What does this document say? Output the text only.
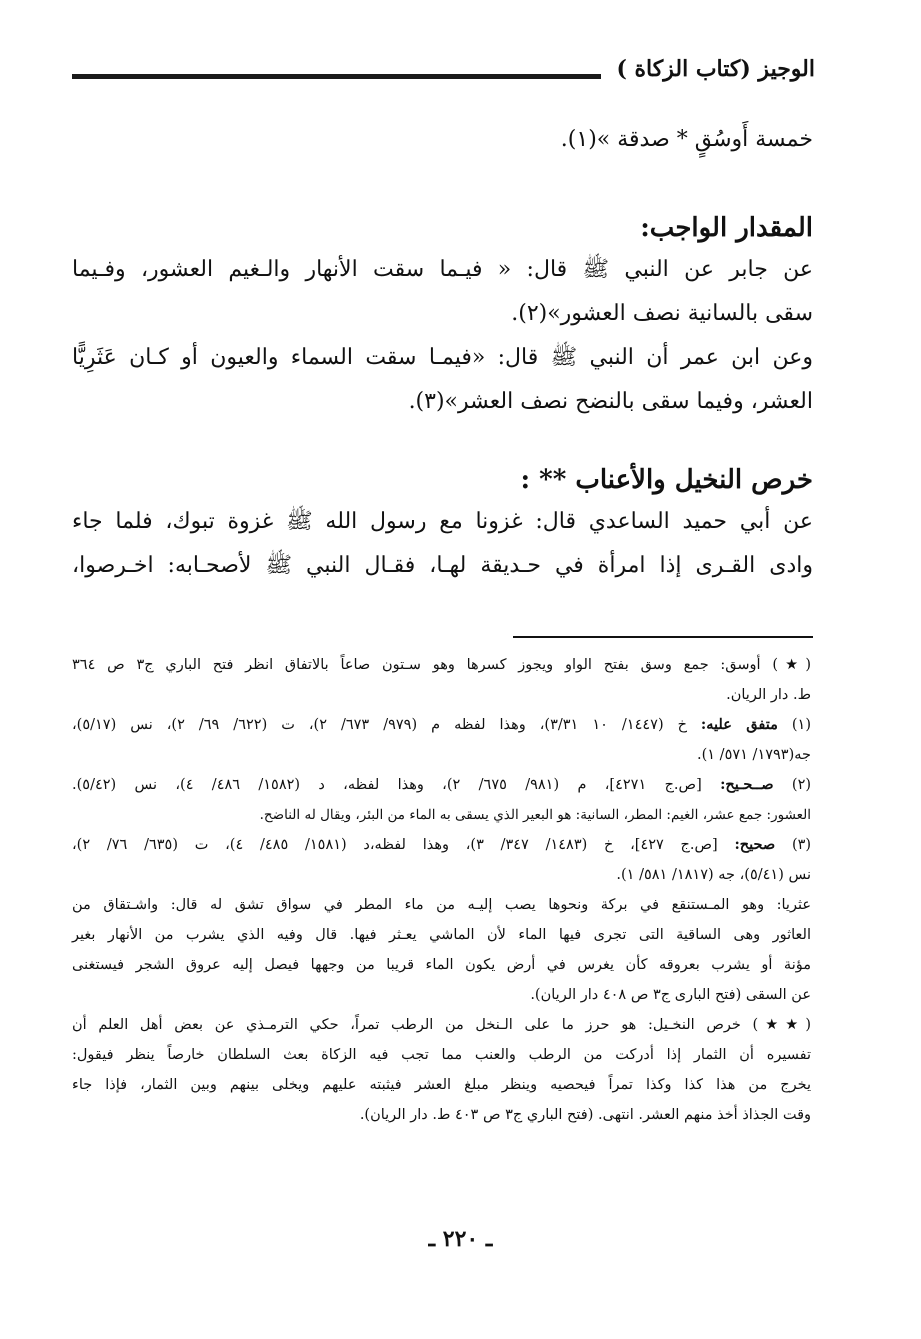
الوجيز (كتاب الزكاة )
خمسة أَوسُقٍ * صدقة »(١).
المقدار الواجب:
عن جابر عن النبي ﷺ قال: « فيـما سقت الأنهار والـغيم العشور، وفـيما
سقى بالسانية نصف العشور»(٢).
وعن ابن عمر أن النبي ﷺ قال: «فيمـا سقت السماء والعيون أو كـان عَثَرِيًّا
العشر، وفيما سقى بالنضح نصف العشر»(٣).
خرص النخيل والأعناب ** :
عن أبي حميد الساعدي قال: غزونا مع رسول الله ﷺ غزوة تبوك، فلما جاء
وادى القـرى إذا امرأة في حـديقة لهـا، فقـال النبي ﷺ لأصحـابه: اخـرصوا،
(★) أوسق: جمع وسق بفتح الواو ويجوز كسرها وهو سـتون صاعاً بالاتفاق انظر فتح الباري ج٣ ص ٣٦٤
ط. دار الريان.
(١) متفق عليه: خ (١٤٤٧/ ١٠ ٣/٣١)، وهذا لفظه م (٩٧٩/ ٦٧٣/ ٢)، ت (٦٢٢/ ٦٩/ ٢)، نس (٥/١٧)،
جه(١٧٩٣/ ٥٧١/ ١).
(٢) صــحـيح: [ص.ج ٤٢٧١]، م (٩٨١/ ٦٧٥/ ٢)، وهذا لفظه، د (١٥٨٢/ ٤٨٦/ ٤)، نس (٥/٤٢).
العشور: جمع عشر، الغيم: المطر، السانية: هو البعير الذي يسقى به الماء من البئر، ويقال له الناضح.
(٣) صحيح: [ص.ج ٤٢٧]، خ (١٤٨٣/ ٣٤٧/ ٣)، وهذا لفظه،د (١٥٨١/ ٤٨٥/ ٤)، ت (٦٣٥/ ٧٦/ ٢)،
نس (٥/٤١)، جه (١٨١٧/ ٥٨١/ ١).
عثريا: وهو المـستنقع في بركة ونحوها يصب إليـه من ماء المطر في سواق تشق له قال: واشـتقاق من
العاثور وهى الساقية التى تجرى فيها الماء لأن الماشي يعـثر فيها. قال وفيه الذي يشرب من الأنهار بغير
مؤنة أو يشرب بعروقه كأن يغرس في أرض يكون الماء قريبا من وجهها فيصل إليه عروق الشجر فيستغنى
عن السقى (فتح البارى ج٣ ص ٤٠٨ دار الريان).
(★★) خرص النخـيل: هو حرز ما على الـنخل من الرطب تمراً، حكي الترمـذي عن بعض أهل العلم أن
تفسيره أن الثمار إذا أدركت من الرطب والعنب مما تجب فيه الزكاة بعث السلطان خارصاً ينظر فيقول:
يخرج من هذا كذا وكذا تمراً فيحصيه وينظر مبلغ العشر فيثبته عليهم ويخلى بينهم وبين الثمار، فإذا جاء
وقت الجذاذ أخذ منهم العشر. انتهى. (فتح الباري ج٣ ص ٤٠٣ ط. دار الريان).
ـ ٢٢٠ ـ
